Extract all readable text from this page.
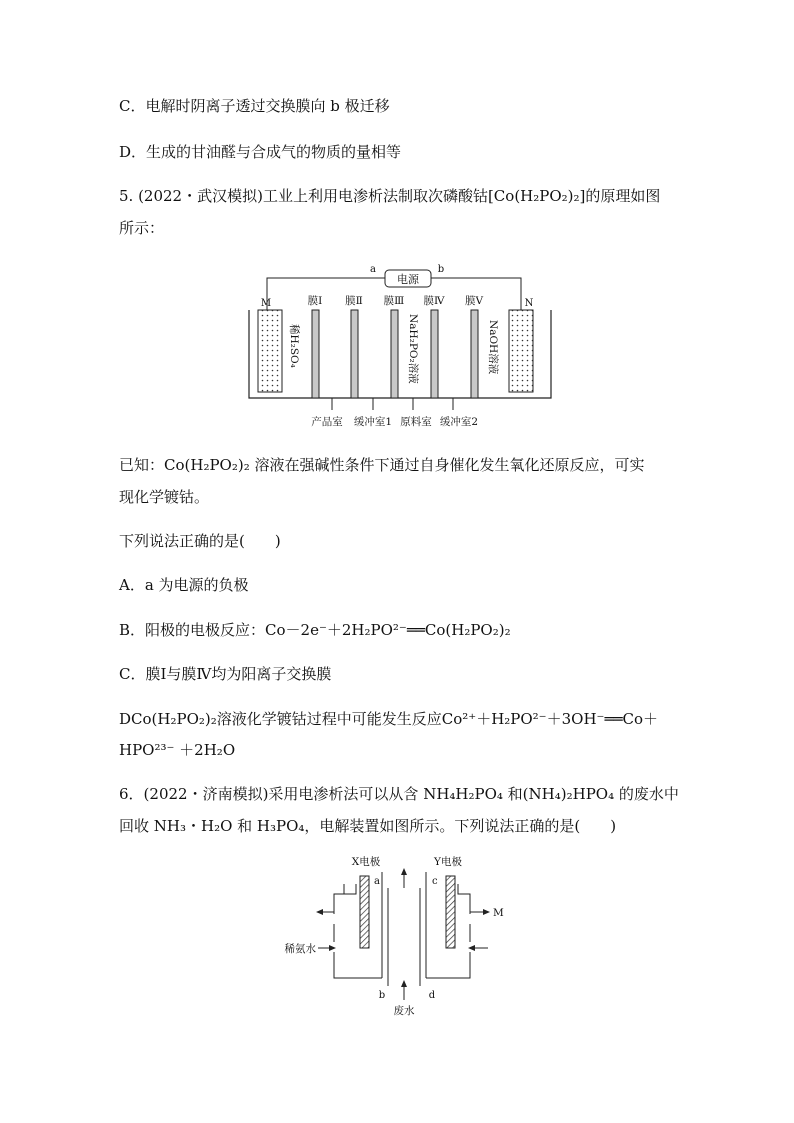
C．电解时阴离子透过交换膜向 b 极迁移
D．生成的甘油醛与合成气的物质的量相等
5. (2022・武汉模拟)工业上利用电渗析法制取次磷酸钴[Co(H₂PO₂)₂]的原理如图
所示：
电源
a	b
M	N
膜Ⅰ 膜Ⅱ 膜Ⅲ 膜Ⅳ 膜Ⅴ
稀H₂SO₄	NaH₂PO₂溶液	NaOH溶液
产品室 缓冲室1 原料室 缓冲室2
已知：Co(H₂PO₂)₂ 溶液在强碱性条件下通过自身催化发生氧化还原反应，可实
现化学镀钴。
下列说法正确的是(　　)
A．a 为电源的负极
B．阳极的电极反应：Co－2e⁻＋2H₂PO²⁻══Co(H₂PO₂)₂
C．膜Ⅰ与膜Ⅳ均为阳离子交换膜
DCo(H₂PO₂)₂溶液化学镀钴过程中可能发生反应Co²⁺＋H₂PO²⁻＋3OH⁻══Co＋
HPO²³⁻ ＋2H₂O
6．(2022・济南模拟)采用电渗析法可以从含 NH₄H₂PO₄ 和(NH₄)₂HPO₄ 的废水中
回收 NH₃・H₂O 和 H₃PO₄，电解装置如图所示。下列说法正确的是(　　)
X电极	Y电极
a	c
b	d
废水
稀氨水
M
